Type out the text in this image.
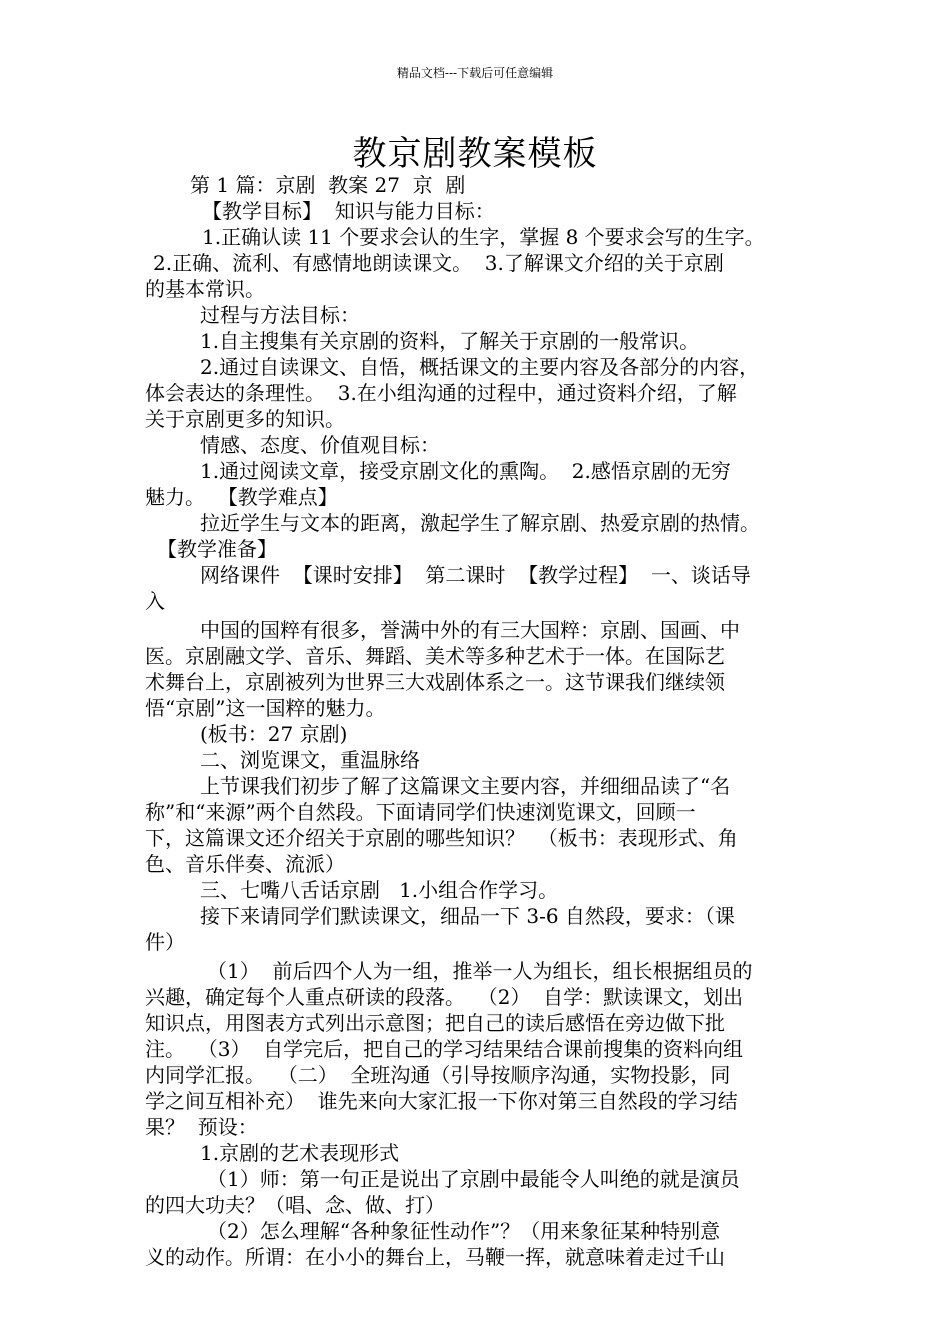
精品文档---下载后可任意编辑
教京剧教案模板
第 1 篇：京剧  教案 27  京  剧
【教学目标】  知识与能力目标：
1.正确认读 11 个要求会认的生字，掌握 8 个要求会写的生字。
2.正确、流利、有感情地朗读课文。  3.了解课文介绍的关于京剧
的基本常识。
过程与方法目标：
1.自主搜集有关京剧的资料，了解关于京剧的一般常识。
2.通过自读课文、自悟，概括课文的主要内容及各部分的内容，
体会表达的条理性。  3.在小组沟通的过程中，通过资料介绍，了解
关于京剧更多的知识。
情感、态度、价值观目标：
1.通过阅读文章，接受京剧文化的熏陶。  2.感悟京剧的无穷
魅力。  【教学难点】
拉近学生与文本的距离，激起学生了解京剧、热爱京剧的热情。
【教学准备】
网络课件  【课时安排】  第二课时  【教学过程】  一、谈话导
入
中国的国粹有很多，誉满中外的有三大国粹：京剧、国画、中
医。京剧融文学、音乐、舞蹈、美术等多种艺术于一体。在国际艺
术舞台上，京剧被列为世界三大戏剧体系之一。这节课我们继续领
悟“京剧”这一国粹的魅力。
(板书：27 京剧)
二、浏览课文，重温脉络
上节课我们初步了解了这篇课文主要内容，并细细品读了“名
称”和“来源”两个自然段。下面请同学们快速浏览课文，回顾一
下，这篇课文还介绍关于京剧的哪些知识？  （板书：表现形式、角
色、音乐伴奏、流派）
三、七嘴八舌话京剧   1.小组合作学习。
接下来请同学们默读课文，细品一下 3-6 自然段，要求：（课
件）
（1）  前后四个人为一组，推举一人为组长，组长根据组员的
兴趣，确定每个人重点研读的段落。  （2）  自学：默读课文，划出
知识点，用图表方式列出示意图；把自己的读后感悟在旁边做下批
注。  （3）  自学完后，把自己的学习结果结合课前搜集的资料向组
内同学汇报。  （二）  全班沟通（引导按顺序沟通，实物投影，同
学之间互相补充）  谁先来向大家汇报一下你对第三自然段的学习结
果？  预设：
1.京剧的艺术表现形式
（1）师：第一句正是说出了京剧中最能令人叫绝的就是演员
的四大功夫？（唱、念、做、打）
（2）怎么理解“各种象征性动作”？（用来象征某种特别意
义的动作。所谓：在小小的舞台上，马鞭一挥，就意味着走过千山
